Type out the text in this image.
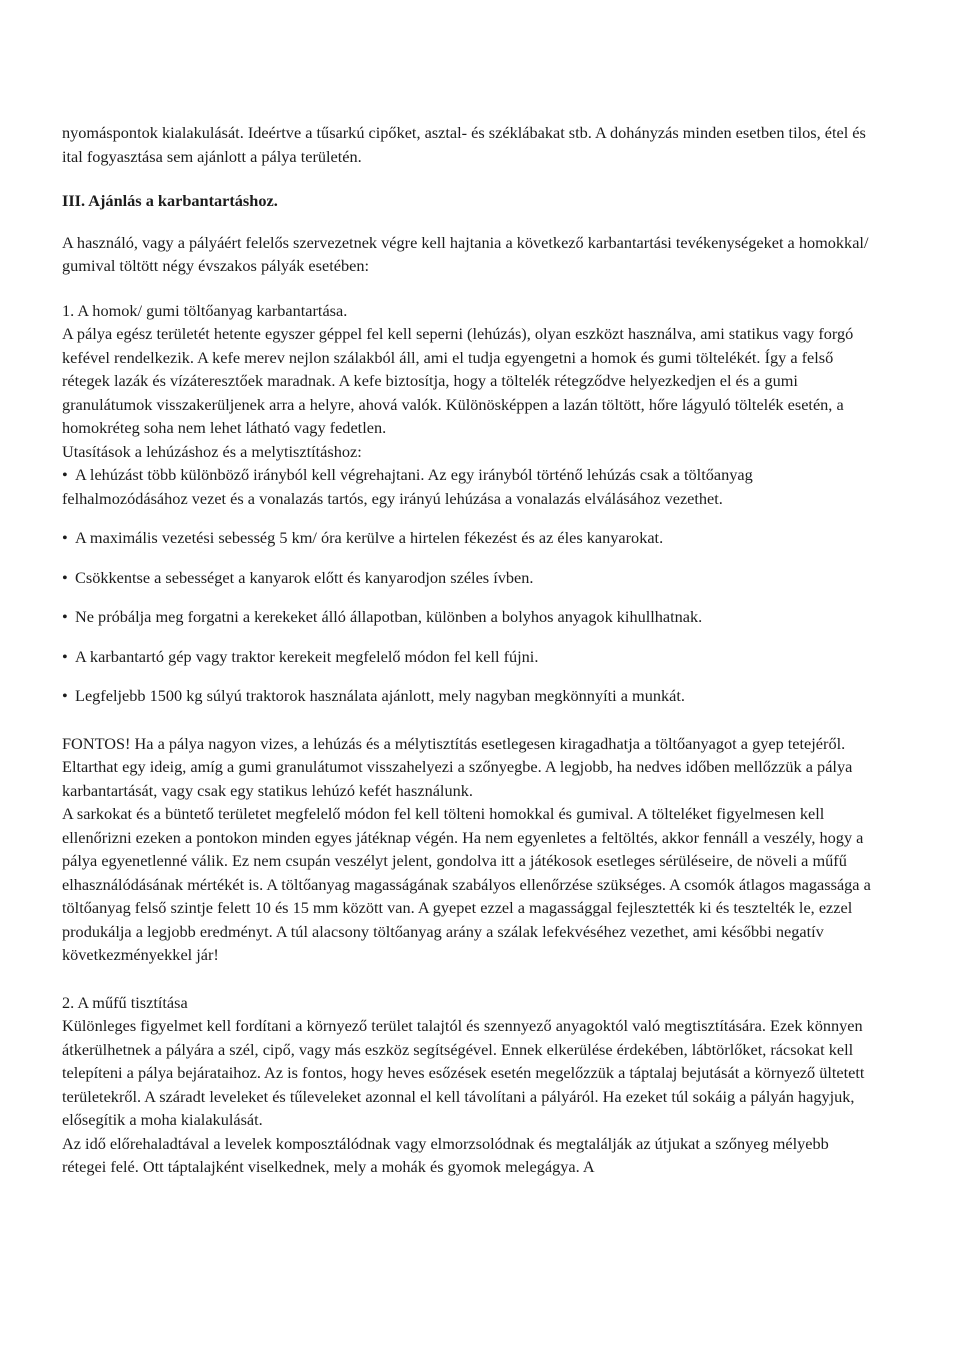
nyomáspontok kialakulását. Ideértve a tűsarkú cipőket, asztal- és széklábakat stb. A dohányzás minden esetben tilos, étel és ital fogyasztása sem ajánlott a pálya területén.

III. Ajánlás a karbantartáshoz.

A használó, vagy a pályáért felelős szervezetnek végre kell hajtania a következő karbantartási tevékenységeket a homokkal/ gumival töltött négy évszakos pályák esetében:

1. A homok/ gumi töltőanyag karbantartása.

A pálya egész területét hetente egyszer géppel fel kell seperni (lehúzás), olyan eszközt használva, ami statikus vagy forgó kefével rendelkezik. A kefe merev nejlon szálakból áll, ami el tudja egyengetni a homok és gumi töltelékét. Így a felső rétegek lazák és vízáteresztőek maradnak. A kefe biztosítja, hogy a töltelék rétegződve helyezkedjen el és a gumi granulátumok visszakerüljenek arra a helyre, ahová valók. Különösképpen a lazán töltött, hőre lágyuló töltelék esetén, a homokréteg soha nem lehet látható vagy fedetlen.

Utasítások a lehúzáshoz és a melytisztításhoz:

• A lehúzást több különböző irányból kell végrehajtani. Az egy irányból történő lehúzás csak a töltőanyag felhalmozódásához vezet és a vonalazás tartós, egy irányú lehúzása a vonalazás elválásához vezethet.

• A maximális vezetési sebesség 5 km/ óra kerülve a hirtelen fékezést és az éles kanyarokat.

• Csökkentse a sebességet a kanyarok előtt és kanyarodjon széles ívben.

• Ne próbálja meg forgatni a kerekeket álló állapotban, különben a bolyhos anyagok kihullhatnak.

• A karbantartó gép vagy traktor kerekeit megfelelő módon fel kell fújni.

• Legfeljebb 1500 kg súlyú traktorok használata ajánlott, mely nagyban megkönnyíti a munkát.

FONTOS! Ha a pálya nagyon vizes, a lehúzás és a mélytisztítás esetlegesen kiragadhatja a töltőanyagot a gyep tetejéről. Eltarthat egy ideig, amíg a gumi granulátumot visszahelyezi a szőnyegbe. A legjobb, ha nedves időben mellőzzük a pálya karbantartását, vagy csak egy statikus lehúzó kefét használunk.

A sarkokat és a büntető területet megfelelő módon fel kell tölteni homokkal és gumival. A tölteléket figyelmesen kell ellenőrizni ezeken a pontokon minden egyes játéknap végén. Ha nem egyenletes a feltöltés, akkor fennáll a veszély, hogy a pálya egyenetlenné válik. Ez nem csupán veszélyt jelent, gondolva itt a játékosok esetleges sérüléseire, de növeli a műfű elhasználódásának mértékét is. A töltőanyag magasságának szabályos ellenőrzése szükséges. A csomók átlagos magassága a töltőanyag felső szintje felett 10 és 15 mm között van. A gyepet ezzel a magassággal fejlesztették ki és tesztelték le, ezzel produkálja a legjobb eredményt. A túl alacsony töltőanyag arány a szálak lefekvéséhez vezethet, ami későbbi negatív következményekkel jár!

2. A műfű tisztítása

Különleges figyelmet kell fordítani a környező terület talajtól és szennyező anyagoktól való megtisztítására. Ezek könnyen átkerülhetnek a pályára a szél, cipő, vagy más eszköz segítségével. Ennek elkerülése érdekében, lábtörlőket, rácsokat kell telepíteni a pálya bejárataihoz. Az is fontos, hogy heves esőzések esetén megelőzzük a táptalaj bejutását a környező ültetett területekről. A száradt leveleket és tűleveleket azonnal el kell távolítani a pályáról. Ha ezeket túl sokáig a pályán hagyjuk, elősegítik a moha kialakulását.

Az idő előrehaladtával a levelek komposztálódnak vagy elmorzsolódnak és megtalálják az útjukat a szőnyeg mélyebb rétegei felé. Ott táptalajként viselkednek, mely a mohák és gyomok melegágya. A
